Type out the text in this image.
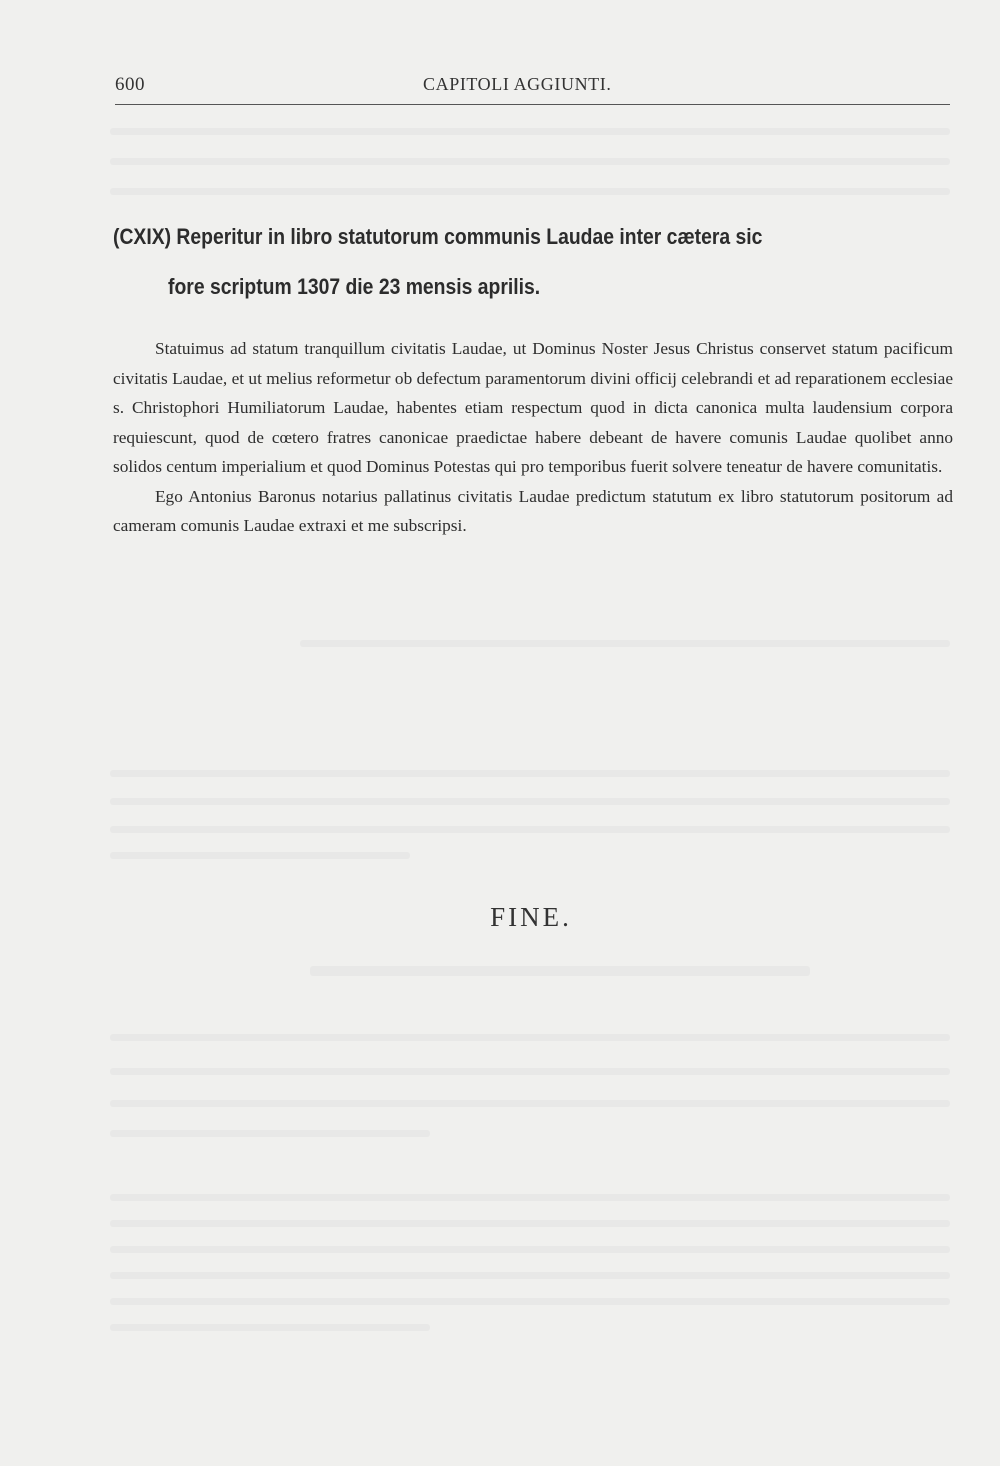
600	CAPITOLI AGGIUNTI.
(CXIX) Reperitur in libro statutorum communis Laudae inter cætera sic
fore scriptum 1307 die 23 mensis aprilis.

Statuimus ad statum tranquillum civitatis Laudae, ut Dominus Noster Jesus Christus conservet statum pacificum civitatis Laudae, et ut melius reformetur ob defectum paramentorum divini officij celebrandi et ad reparationem ecclesiae s. Christophori Humiliatorum Laudae, habentes etiam respectum quod in dicta canonica multa laudensium corpora requiescunt, quod de cœtero fratres canonicae praedictae habere debeant de havere comunis Laudae quolibet anno solidos centum imperialium et quod Dominus Potestas qui pro temporibus fuerit solvere teneatur de havere comunitatis.

Ego Antonius Baronus notarius pallatinus civitatis Laudae predictum statutum ex libro statutorum positorum ad cameram comunis Laudae extraxi et me subscripsi.

FINE.
